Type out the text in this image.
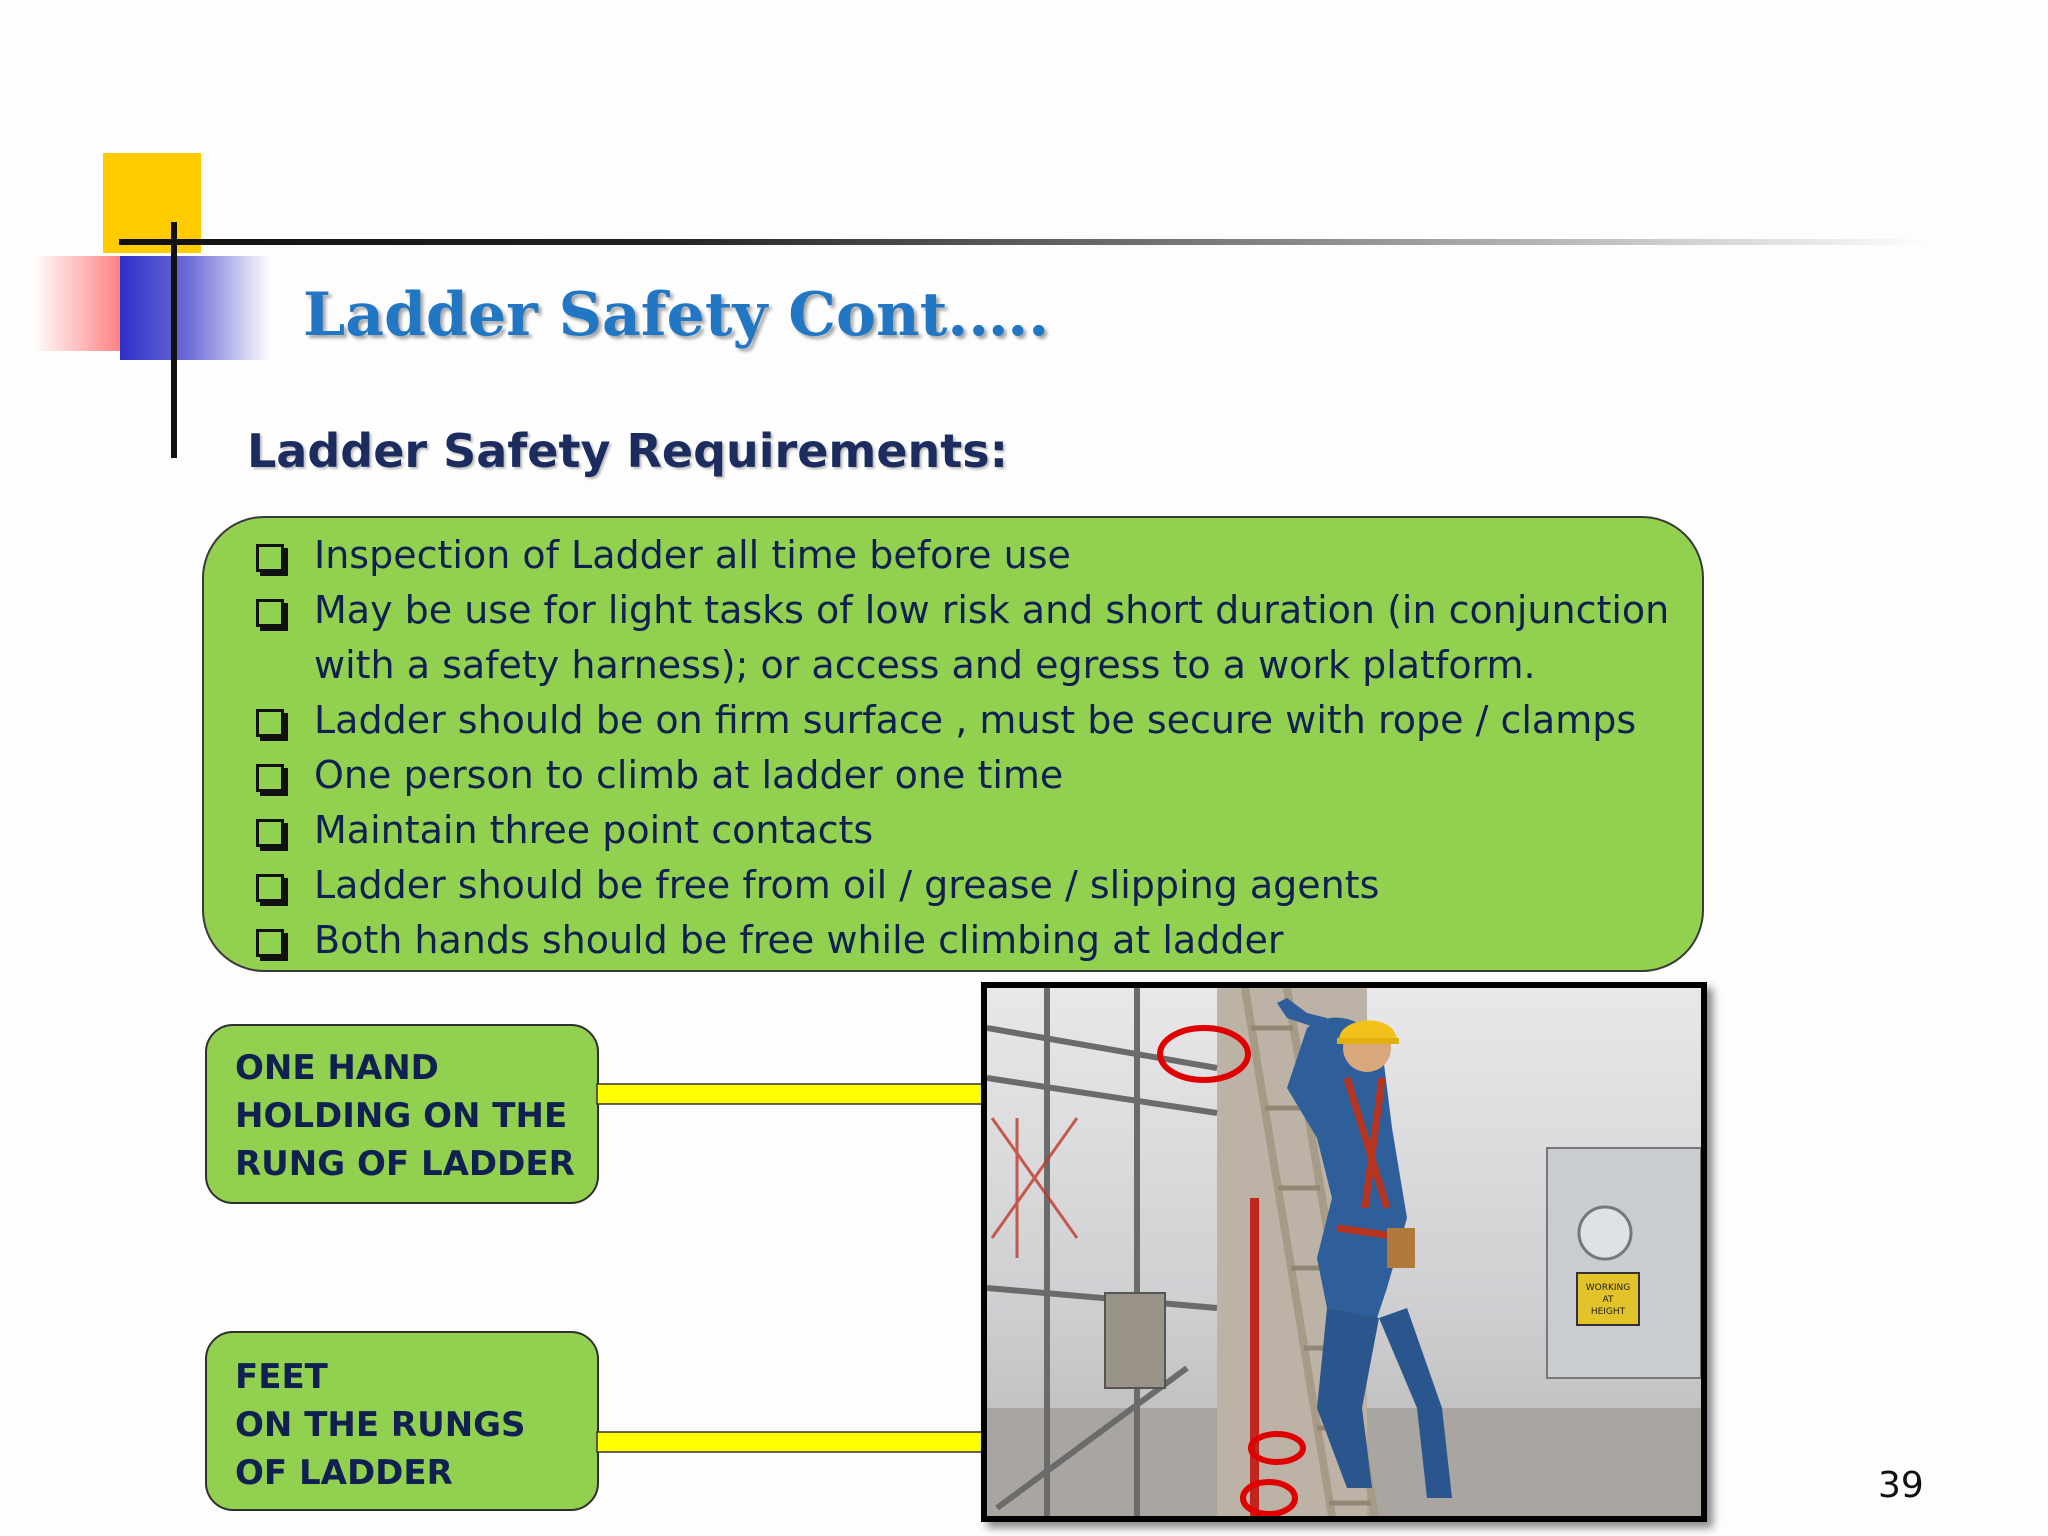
Ladder Safety Cont.….
Ladder Safety Requirements:
Inspection of Ladder all time before use
May be use for light tasks of low risk and short duration (in conjunction with a safety harness); or access and egress to a work platform.
Ladder should be on firm surface , must be secure with rope / clamps
One person to climb at ladder one time
Maintain three point contacts
Ladder should be free from oil / grease / slipping agents
Both hands should be free while climbing at ladder

ONE HAND
HOLDING ON THE
RUNG OF LADDER

FEET
ON THE RUNGS
OF LADDER

WORKING
AT
HEIGHT

39
